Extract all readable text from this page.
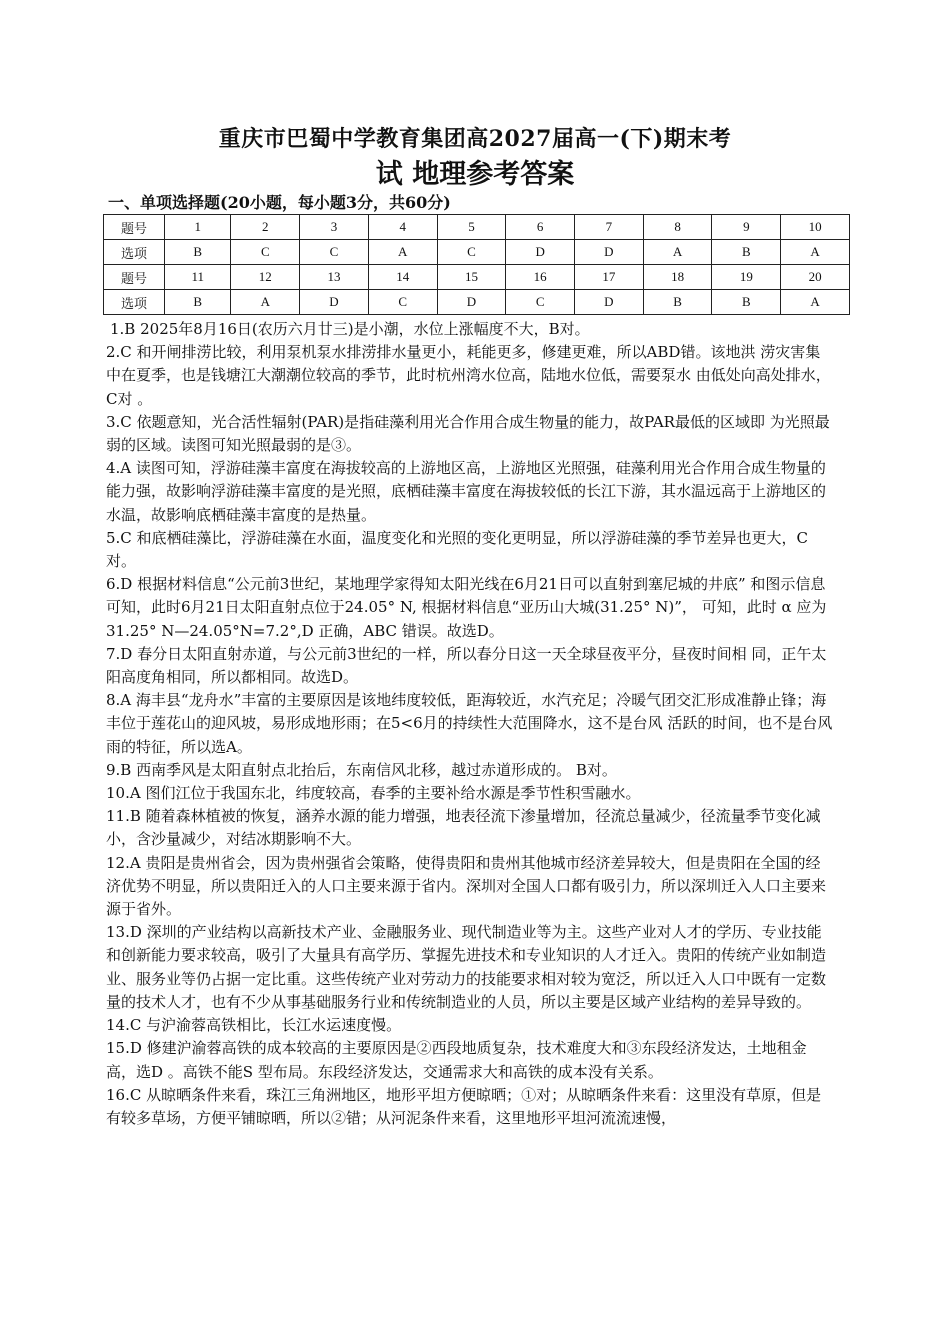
重庆市巴蜀中学教育集团高2027届高一(下)期末考
试 地理参考答案
一、单项选择题(20小题，每小题3分，共60分)
题号	1	2	3	4	5	6	7	8	9	10
选项	B	C	C	A	C	D	D	A	B	A
题号	11	12	13	14	15	16	17	18	19	20
选项	B	A	D	C	D	C	D	B	B	A

1.B 2025年8月16日(农历六月廿三)是小潮，水位上涨幅度不大，B对。

2.C 和开闸排涝比较，利用泵机泵水排涝排水量更小，耗能更多，修建更难，所以ABD错。该地洪 涝灾害集中在夏季，也是钱塘江大潮潮位较高的季节，此时杭州湾水位高，陆地水位低，需要泵水 由低处向高处排水，C对 。

3.C 依题意知，光合活性辐射(PAR)是指硅藻利用光合作用合成生物量的能力，故PAR最低的区域即 为光照最弱的区域。读图可知光照最弱的是③。

4.A 读图可知，浮游硅藻丰富度在海拔较高的上游地区高，上游地区光照强，硅藻利用光合作用合成生物量的能力强，故影响浮游硅藻丰富度的是光照，底栖硅藻丰富度在海拔较低的长江下游，其水温远高于上游地区的水温，故影响底栖硅藻丰富度的是热量。

5.C 和底栖硅藻比，浮游硅藻在水面，温度变化和光照的变化更明显，所以浮游硅藻的季节差异也更大，C 对。

6.D 根据材料信息“公元前3世纪，某地理学家得知太阳光线在6月21日可以直射到塞尼城的井底” 和图示信息可知，此时6月21日太阳直射点位于24.05° N, 根据材料信息“亚历山大城(31.25° N)”， 可知，此时 α 应为31.25° N—24.05°N=7.2°,D 正确，ABC 错误。故选D。

7.D 春分日太阳直射赤道，与公元前3世纪的一样，所以春分日这一天全球昼夜平分，昼夜时间相 同，正午太阳高度角相同，所以都相同。故选D。

8.A 海丰县“龙舟水”丰富的主要原因是该地纬度较低，距海较近，水汽充足；冷暖气团交汇形成准静止锋；海丰位于莲花山的迎风坡，易形成地形雨；在5<6月的持续性大范围降水，这不是台风 活跃的时间，也不是台风雨的特征，所以选A。

9.B 西南季风是太阳直射点北抬后，东南信风北移，越过赤道形成的。 B对。

10.A 图们江位于我国东北，纬度较高，春季的主要补给水源是季节性积雪融水。

11.B 随着森林植被的恢复，涵养水源的能力增强，地表径流下渗量增加，径流总量减少，径流量季节变化减小，含沙量减少，对结冰期影响不大。

12.A 贵阳是贵州省会，因为贵州强省会策略，使得贵阳和贵州其他城市经济差异较大，但是贵阳在全国的经济优势不明显，所以贵阳迁入的人口主要来源于省内。深圳对全国人口都有吸引力，所以深圳迁入人口主要来源于省外。

13.D 深圳的产业结构以高新技术产业、金融服务业、现代制造业等为主。这些产业对人才的学历、专业技能和创新能力要求较高，吸引了大量具有高学历、掌握先进技术和专业知识的人才迁入。贵阳的传统产业如制造业、服务业等仍占据一定比重。这些传统产业对劳动力的技能要求相对较为宽泛，所以迁入人口中既有一定数量的技术人才，也有不少从事基础服务行业和传统制造业的人员，所以主要是区域产业结构的差异导致的。

14.C 与沪渝蓉高铁相比，长江水运速度慢。

15.D 修建沪渝蓉高铁的成本较高的主要原因是②西段地质复杂，技术难度大和③东段经济发达，土地租金高，选D 。高铁不能S 型布局。东段经济发达，交通需求大和高铁的成本没有关系。

16.C 从晾晒条件来看，珠江三角洲地区，地形平坦方便晾晒；①对；从晾晒条件来看：这里没有草原，但是有较多草场，方便平铺晾晒，所以②错；从河泥条件来看，这里地形平坦河流流速慢，
